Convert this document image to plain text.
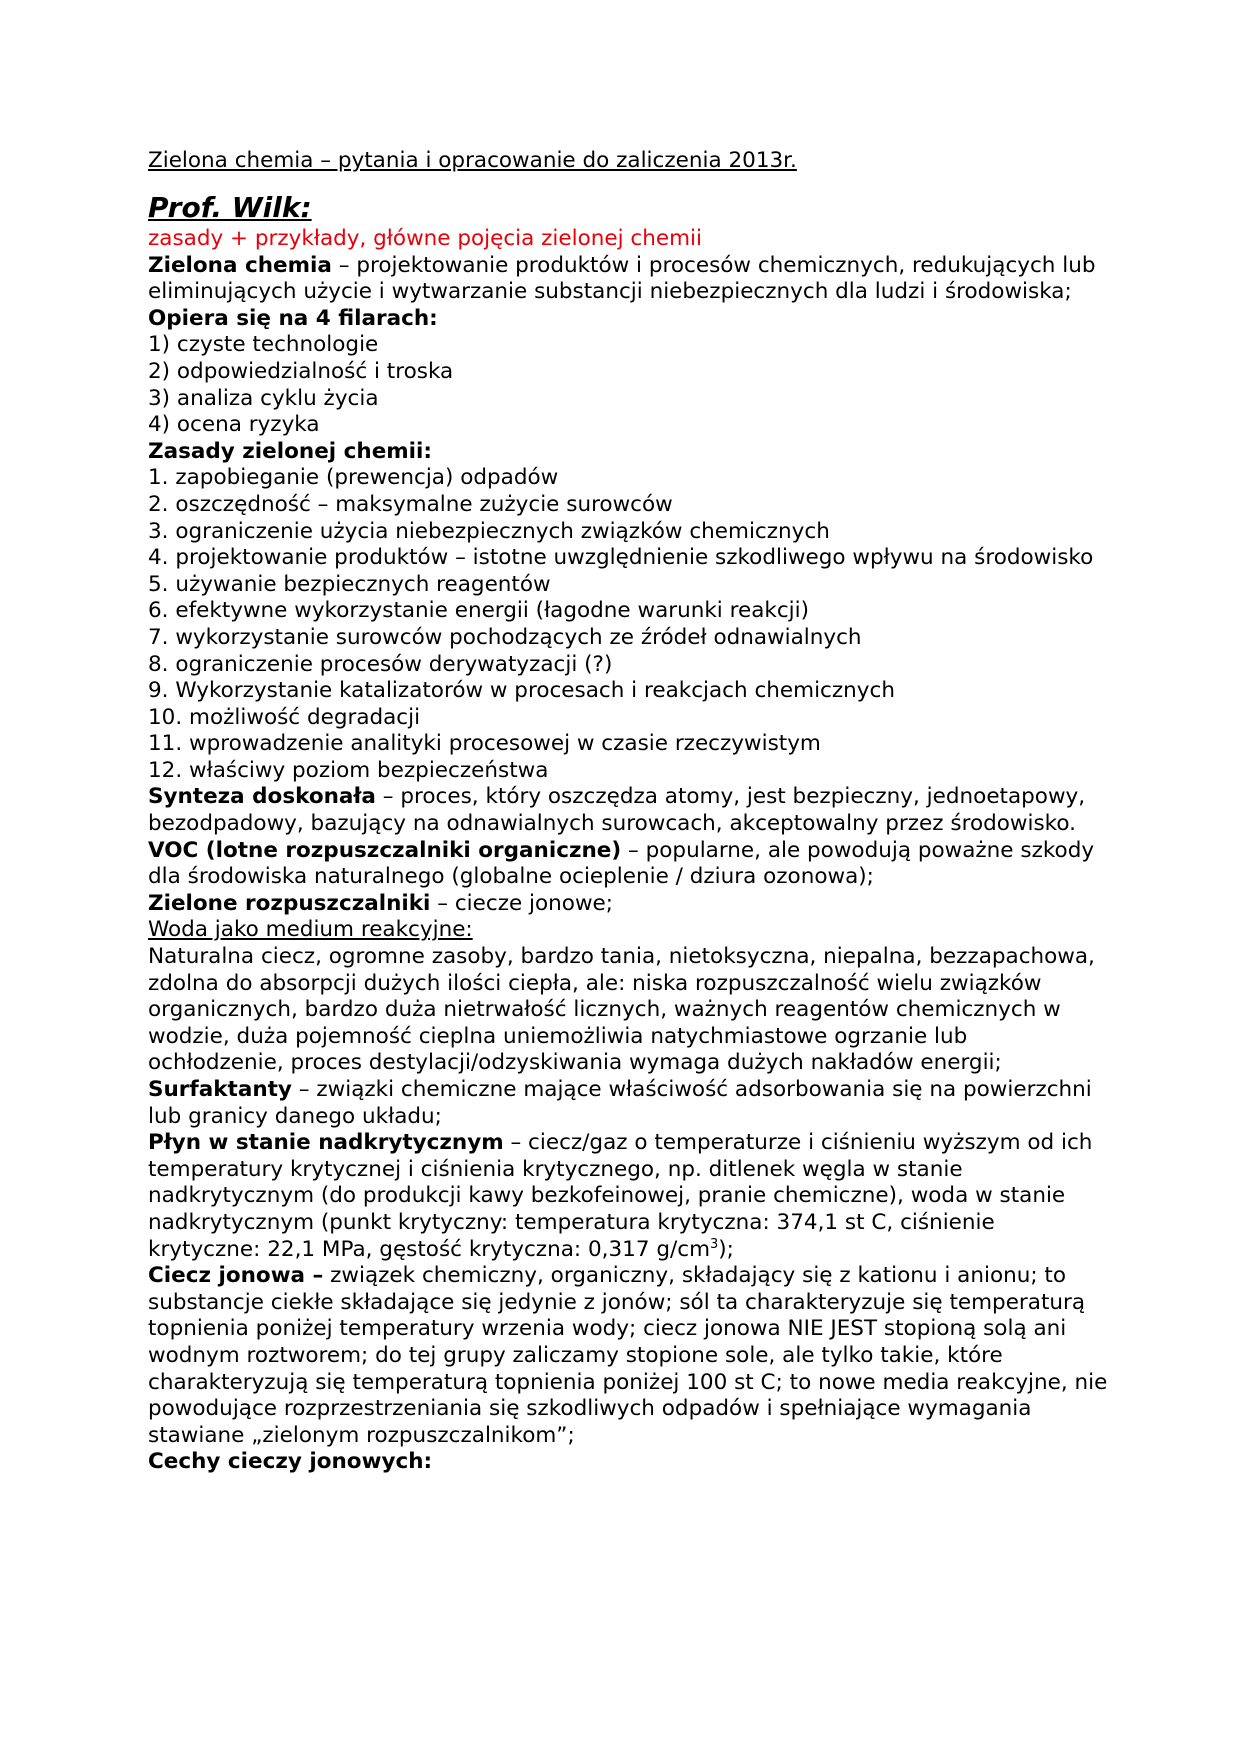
Zielona chemia – pytania i opracowanie do zaliczenia 2013r.

Prof. Wilk:

zasady + przykłady, główne pojęcia zielonej chemii

Zielona chemia – projektowanie produktów i procesów chemicznych, redukujących lub eliminujących użycie i wytwarzanie substancji niebezpiecznych dla ludzi i środowiska;

Opiera się na 4 filarach:

1) czyste technologie
2) odpowiedzialność i troska
3) analiza cyklu życia
4) ocena ryzyka

Zasady zielonej chemii:

1. zapobieganie (prewencja) odpadów
2. oszczędność – maksymalne zużycie surowców
3. ograniczenie użycia niebezpiecznych związków chemicznych
4. projektowanie produktów – istotne uwzględnienie szkodliwego wpływu na środowisko
5. używanie bezpiecznych reagentów
6. efektywne wykorzystanie energii (łagodne warunki reakcji)
7. wykorzystanie surowców pochodzących ze źródeł odnawialnych
8. ograniczenie procesów derywatyzacji (?)
9. Wykorzystanie katalizatorów w procesach i reakcjach chemicznych
10. możliwość degradacji
11. wprowadzenie analityki procesowej w czasie rzeczywistym
12. właściwy poziom bezpieczeństwa

Synteza doskonała – proces, który oszczędza atomy, jest bezpieczny, jednoetapowy, bezodpadowy, bazujący na odnawialnych surowcach, akceptowalny przez środowisko.

VOC (lotne rozpuszczalniki organiczne) – popularne, ale powodują poważne szkody dla środowiska naturalnego (globalne ocieplenie / dziura ozonowa);

Zielone rozpuszczalniki – ciecze jonowe;

Woda jako medium reakcyjne:

Naturalna ciecz, ogromne zasoby, bardzo tania, nietoksyczna, niepalna, bezzapachowa, zdolna do absorpcji dużych ilości ciepła, ale: niska rozpuszczalność wielu związków organicznych, bardzo duża nietrwałość licznych, ważnych reagentów chemicznych w wodzie, duża pojemność cieplna uniemożliwia natychmiastowe ogrzanie lub ochłodzenie, proces destylacji/odzyskiwania wymaga dużych nakładów energii;

Surfaktanty – związki chemiczne mające właściwość adsorbowania się na powierzchni lub granicy danego układu;

Płyn w stanie nadkrytycznym – ciecz/gaz o temperaturze i ciśnieniu wyższym od ich temperatury krytycznej i ciśnienia krytycznego, np. ditlenek węgla w stanie nadkrytycznym (do produkcji kawy bezkofeinowej, pranie chemiczne), woda w stanie nadkrytycznym (punkt krytyczny: temperatura krytyczna: 374,1 st C, ciśnienie krytyczne: 22,1 MPa, gęstość krytyczna: 0,317 $g/cm^3$);

Ciecz jonowa – związek chemiczny, organiczny, składający się z kationu i anionu; to substancje ciekłe składające się jedynie z jonów; sól ta charakteryzuje się temperaturą topnienia poniżej temperatury wrzenia wody; ciecz jonowa NIE JEST stopioną solą ani wodnym roztworem; do tej grupy zaliczamy stopione sole, ale tylko takie, które charakteryzują się temperaturą topnienia poniżej 100 st C; to nowe media reakcyjne, nie powodujące rozprzestrzeniania się szkodliwych odpadów i spełniające wymagania stawiane „zielonym rozpuszczalnikom”;

Cechy cieczy jonowych:
